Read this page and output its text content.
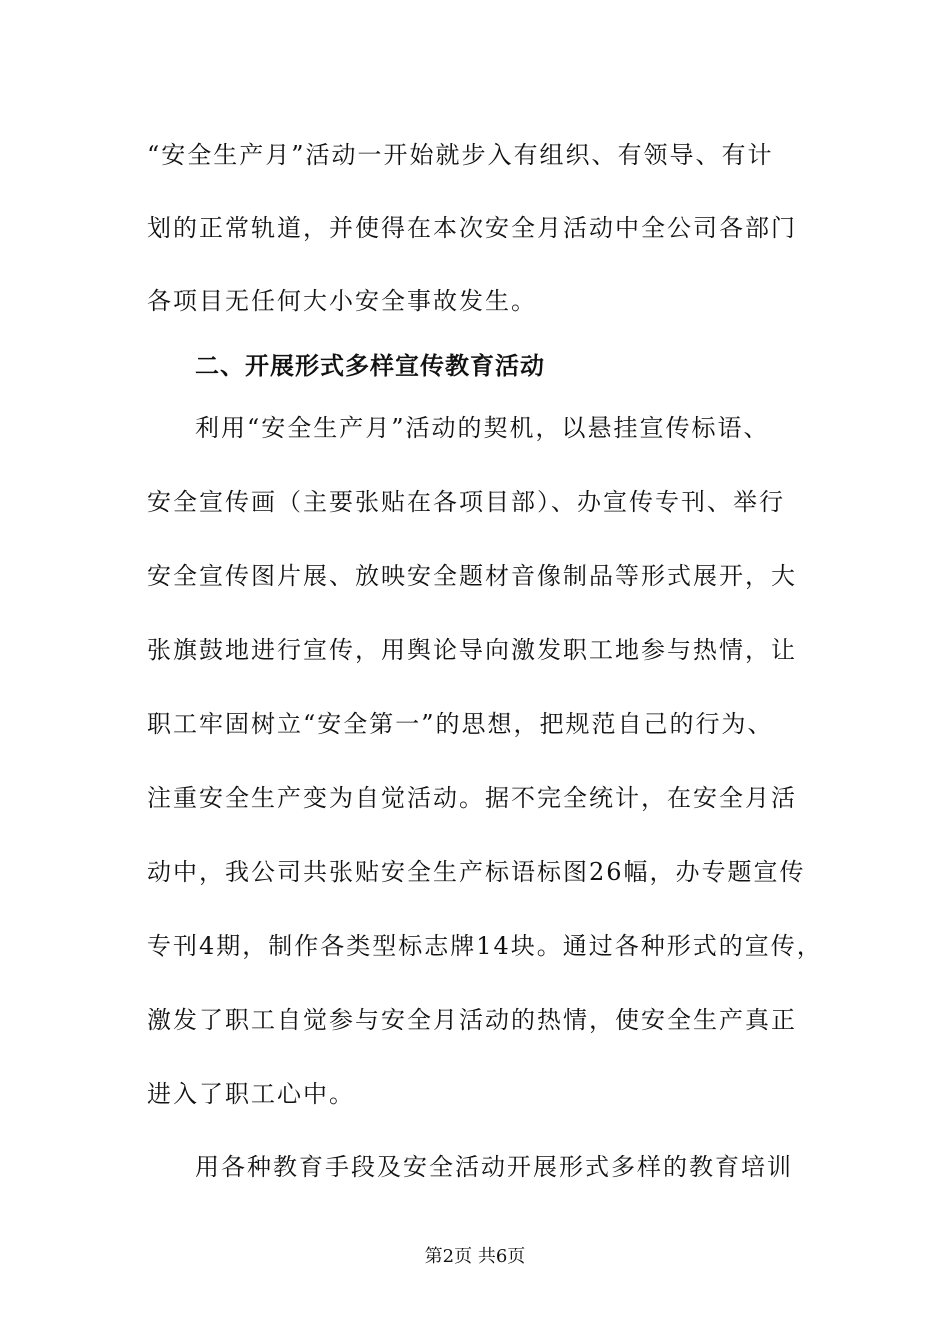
“安全生产月”活动一开始就步入有组织、有领导、有计
划的正常轨道，并使得在本次安全月活动中全公司各部门
各项目无任何大小安全事故发生。
二、开展形式多样宣传教育活动
利用“安全生产月”活动的契机，以悬挂宣传标语、
安全宣传画（主要张贴在各项目部）、办宣传专刊、举行
安全宣传图片展、放映安全题材音像制品等形式展开，大
张旗鼓地进行宣传，用舆论导向激发职工地参与热情，让
职工牢固树立“安全第一”的思想，把规范自己的行为、
注重安全生产变为自觉活动。据不完全统计，在安全月活
动中，我公司共张贴安全生产标语标图26幅，办专题宣传
专刊4期，制作各类型标志牌14块。通过各种形式的宣传，
激发了职工自觉参与安全月活动的热情，使安全生产真正
进入了职工心中。
用各种教育手段及安全活动开展形式多样的教育培训
第2页 共6页
